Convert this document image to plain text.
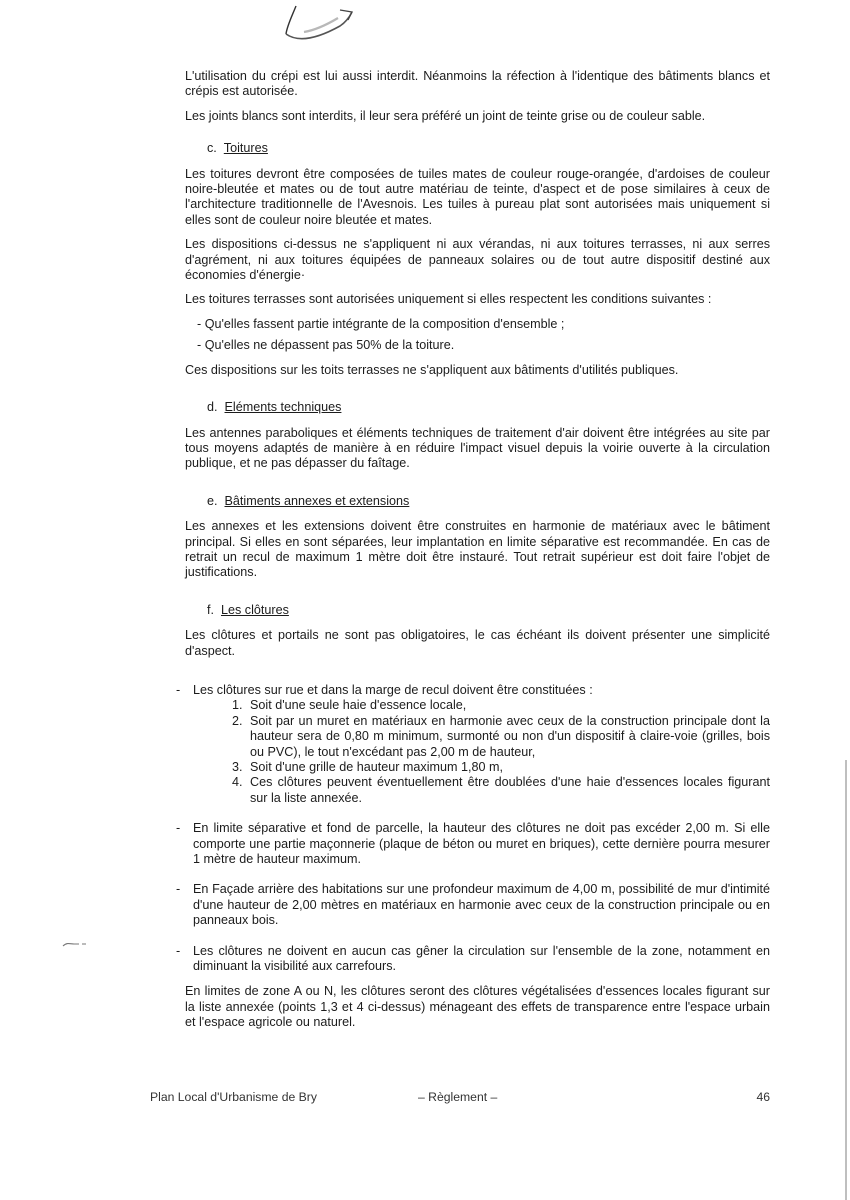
L'utilisation du crépi est lui aussi interdit. Néanmoins la réfection à l'identique des bâtiments blancs et crépis est autorisée.

Les joints blancs sont interdits, il leur sera préféré un joint de teinte grise ou de couleur sable.

c. Toitures

Les toitures devront être composées de tuiles mates de couleur rouge-orangée, d'ardoises de couleur noire-bleutée et mates ou de tout autre matériau de teinte, d'aspect et de pose similaires à ceux de l'architecture traditionnelle de l'Avesnois. Les tuiles à pureau plat sont autorisées mais uniquement si elles sont de couleur noire bleutée et mates.

Les dispositions ci-dessus ne s'appliquent ni aux vérandas, ni aux toitures terrasses, ni aux serres d'agrément, ni aux toitures équipées de panneaux solaires ou de tout autre dispositif destiné aux économies d'énergie·

Les toitures terrasses sont autorisées uniquement si elles respectent les conditions suivantes :

- Qu'elles fassent partie intégrante de la composition d'ensemble ;
- Qu'elles ne dépassent pas 50% de la toiture.

Ces dispositions sur les toits terrasses ne s'appliquent aux bâtiments d'utilités publiques.

d. Eléments techniques

Les antennes paraboliques et éléments techniques de traitement d'air doivent être intégrées au site par tous moyens adaptés de manière à en réduire l'impact visuel depuis la voirie ouverte à la circulation publique, et ne pas dépasser du faîtage.

e. Bâtiments annexes et extensions

Les annexes et les extensions doivent être construites en harmonie de matériaux avec le bâtiment principal. Si elles en sont séparées, leur implantation en limite séparative est recommandée. En cas de retrait un recul de maximum 1 mètre doit être instauré. Tout retrait supérieur est doit faire l'objet de justifications.

f. Les clôtures

Les clôtures et portails ne sont pas obligatoires, le cas échéant ils doivent présenter une simplicité d'aspect.

- Les clôtures sur rue et dans la marge de recul doivent être constituées :
1. Soit d'une seule haie d'essence locale,
2. Soit par un muret en matériaux en harmonie avec ceux de la construction principale dont la hauteur sera de 0,80 m minimum, surmonté ou non d'un dispositif à claire-voie (grilles, bois ou PVC), le tout n'excédant pas 2,00 m de hauteur,
3. Soit d'une grille de hauteur maximum 1,80 m,
4. Ces clôtures peuvent éventuellement être doublées d'une haie d'essences locales figurant sur la liste annexée.
- En limite séparative et fond de parcelle, la hauteur des clôtures ne doit pas excéder 2,00 m. Si elle comporte une partie maçonnerie (plaque de béton ou muret en briques), cette dernière pourra mesurer 1 mètre de hauteur maximum.
- En Façade arrière des habitations sur une profondeur maximum de 4,00 m, possibilité de mur d'intimité d'une hauteur de 2,00 mètres en matériaux en harmonie avec ceux de la construction principale ou en panneaux bois.
- Les clôtures ne doivent en aucun cas gêner la circulation sur l'ensemble de la zone, notamment en diminuant la visibilité aux carrefours.

En limites de zone A ou N, les clôtures seront des clôtures végétalisées d'essences locales figurant sur la liste annexée (points 1,3 et 4 ci-dessus) ménageant des effets de transparence entre l'espace urbain et l'espace agricole ou naturel.

Plan Local d'Urbanisme de Bry	– Règlement –	46
